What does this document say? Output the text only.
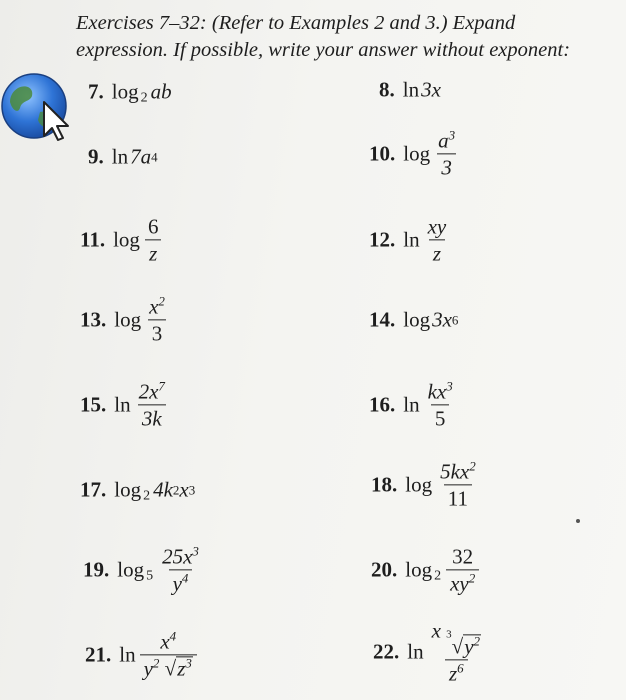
Exercises 7–32: (Refer to Examples 2 and 3.) Expand
expression. If possible, write your answer without exponent:
7. log 2 ab	8. ln 3x
9. ln 7a 4	10. $\log \frac{a^3}{3}$
11. $\log \frac{6}{z}$	12. $\ln \frac{xy}{z}$
13. $\log \frac{x^2}{3}$	14. log 3x 6
15. $\ln \frac{2x^7}{3k}$	16. $\ln \frac{kx^3}{5}$
17. log 2 4k 2 x 3	18. $\log \frac{5kx^2}{11}$
19. $\log 5 \frac{25x^3}{y^4}$	20. $\log 2 \frac{32}{xy^2}$
21. $\ln \frac{x^4}{y^2 √ z^3}$	22. $\ln \frac{x 3 √ y^2}{z^6}$
